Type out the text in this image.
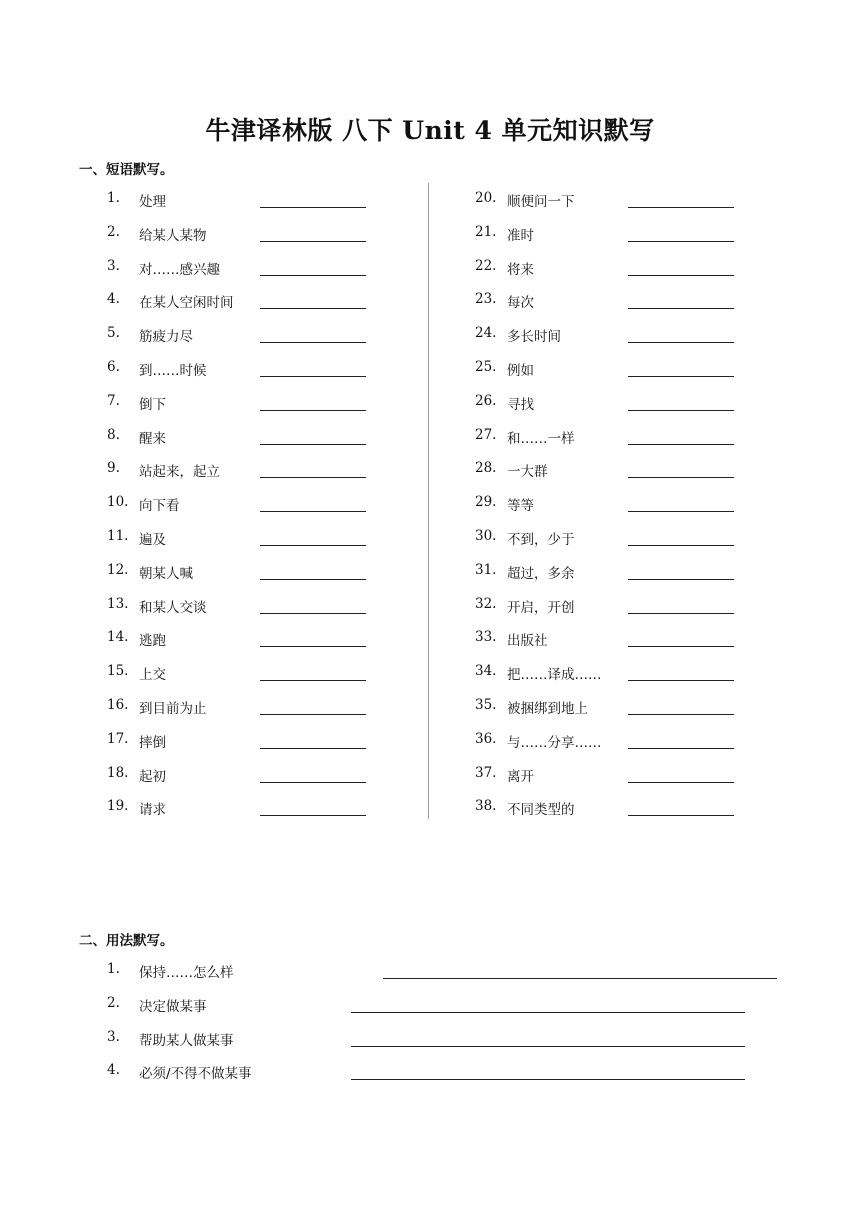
牛津译林版 八下 Unit 4 单元知识默写
一、短语默写。
1. 处理
2. 给某人某物
3. 对……感兴趣
4. 在某人空闲时间
5. 筋疲力尽
6. 到……时候
7. 倒下
8. 醒来
9. 站起来，起立
10. 向下看
11. 遍及
12. 朝某人喊
13. 和某人交谈
14. 逃跑
15. 上交
16. 到目前为止
17. 摔倒
18. 起初
19. 请求
20. 顺便问一下
21. 准时
22. 将来
23. 每次
24. 多长时间
25. 例如
26. 寻找
27. 和……一样
28. 一大群
29. 等等
30. 不到，少于
31. 超过，多余
32. 开启，开创
33. 出版社
34. 把……译成……
35. 被捆绑到地上
36. 与……分享……
37. 离开
38. 不同类型的
二、用法默写。
1. 保持……怎么样
2. 决定做某事
3. 帮助某人做某事
4. 必须/不得不做某事
